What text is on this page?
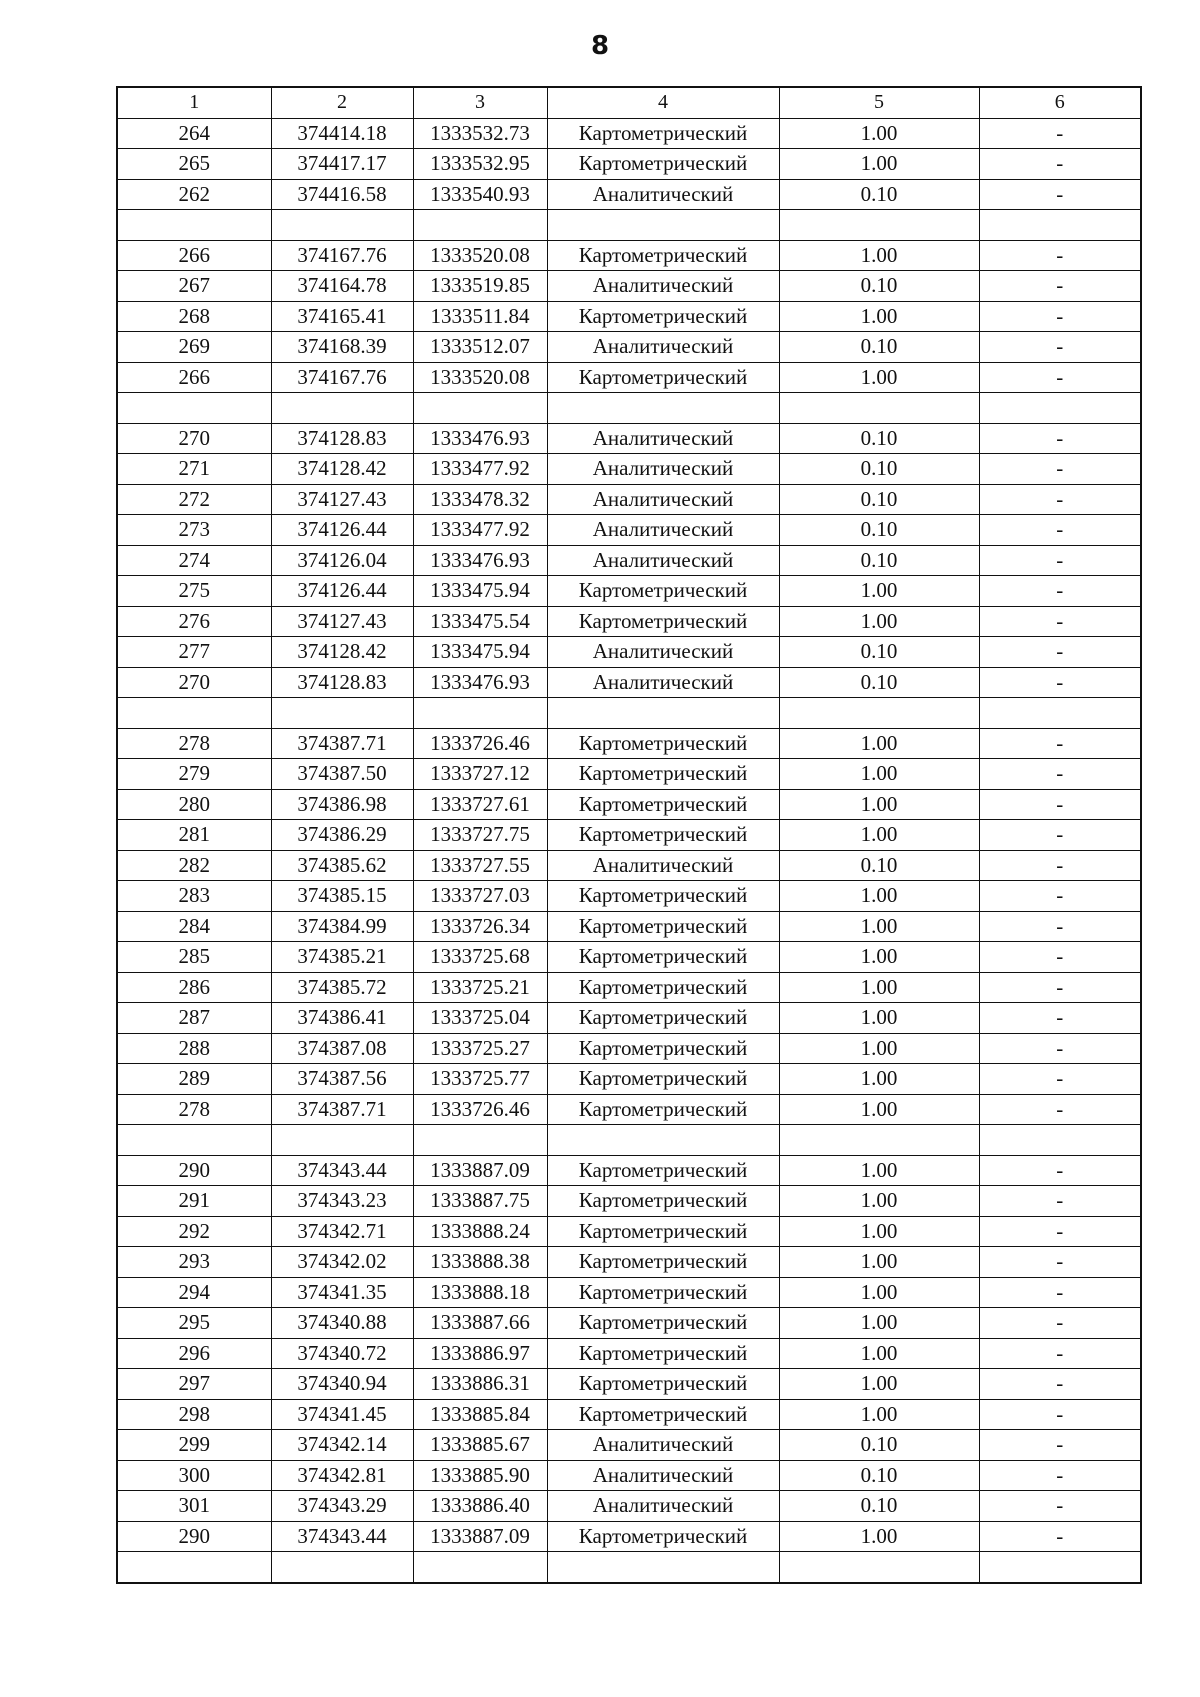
8
1	2	3	4	5	6
264	374414.18	1333532.73	Картометрический	1.00	-
265	374417.17	1333532.95	Картометрический	1.00	-
262	374416.58	1333540.93	Аналитический	0.10	-

266	374167.76	1333520.08	Картометрический	1.00	-
267	374164.78	1333519.85	Аналитический	0.10	-
268	374165.41	1333511.84	Картометрический	1.00	-
269	374168.39	1333512.07	Аналитический	0.10	-
266	374167.76	1333520.08	Картометрический	1.00	-

270	374128.83	1333476.93	Аналитический	0.10	-
271	374128.42	1333477.92	Аналитический	0.10	-
272	374127.43	1333478.32	Аналитический	0.10	-
273	374126.44	1333477.92	Аналитический	0.10	-
274	374126.04	1333476.93	Аналитический	0.10	-
275	374126.44	1333475.94	Картометрический	1.00	-
276	374127.43	1333475.54	Картометрический	1.00	-
277	374128.42	1333475.94	Аналитический	0.10	-
270	374128.83	1333476.93	Аналитический	0.10	-

278	374387.71	1333726.46	Картометрический	1.00	-
279	374387.50	1333727.12	Картометрический	1.00	-
280	374386.98	1333727.61	Картометрический	1.00	-
281	374386.29	1333727.75	Картометрический	1.00	-
282	374385.62	1333727.55	Аналитический	0.10	-
283	374385.15	1333727.03	Картометрический	1.00	-
284	374384.99	1333726.34	Картометрический	1.00	-
285	374385.21	1333725.68	Картометрический	1.00	-
286	374385.72	1333725.21	Картометрический	1.00	-
287	374386.41	1333725.04	Картометрический	1.00	-
288	374387.08	1333725.27	Картометрический	1.00	-
289	374387.56	1333725.77	Картометрический	1.00	-
278	374387.71	1333726.46	Картометрический	1.00	-

290	374343.44	1333887.09	Картометрический	1.00	-
291	374343.23	1333887.75	Картометрический	1.00	-
292	374342.71	1333888.24	Картометрический	1.00	-
293	374342.02	1333888.38	Картометрический	1.00	-
294	374341.35	1333888.18	Картометрический	1.00	-
295	374340.88	1333887.66	Картометрический	1.00	-
296	374340.72	1333886.97	Картометрический	1.00	-
297	374340.94	1333886.31	Картометрический	1.00	-
298	374341.45	1333885.84	Картометрический	1.00	-
299	374342.14	1333885.67	Аналитический	0.10	-
300	374342.81	1333885.90	Аналитический	0.10	-
301	374343.29	1333886.40	Аналитический	0.10	-
290	374343.44	1333887.09	Картометрический	1.00	-
